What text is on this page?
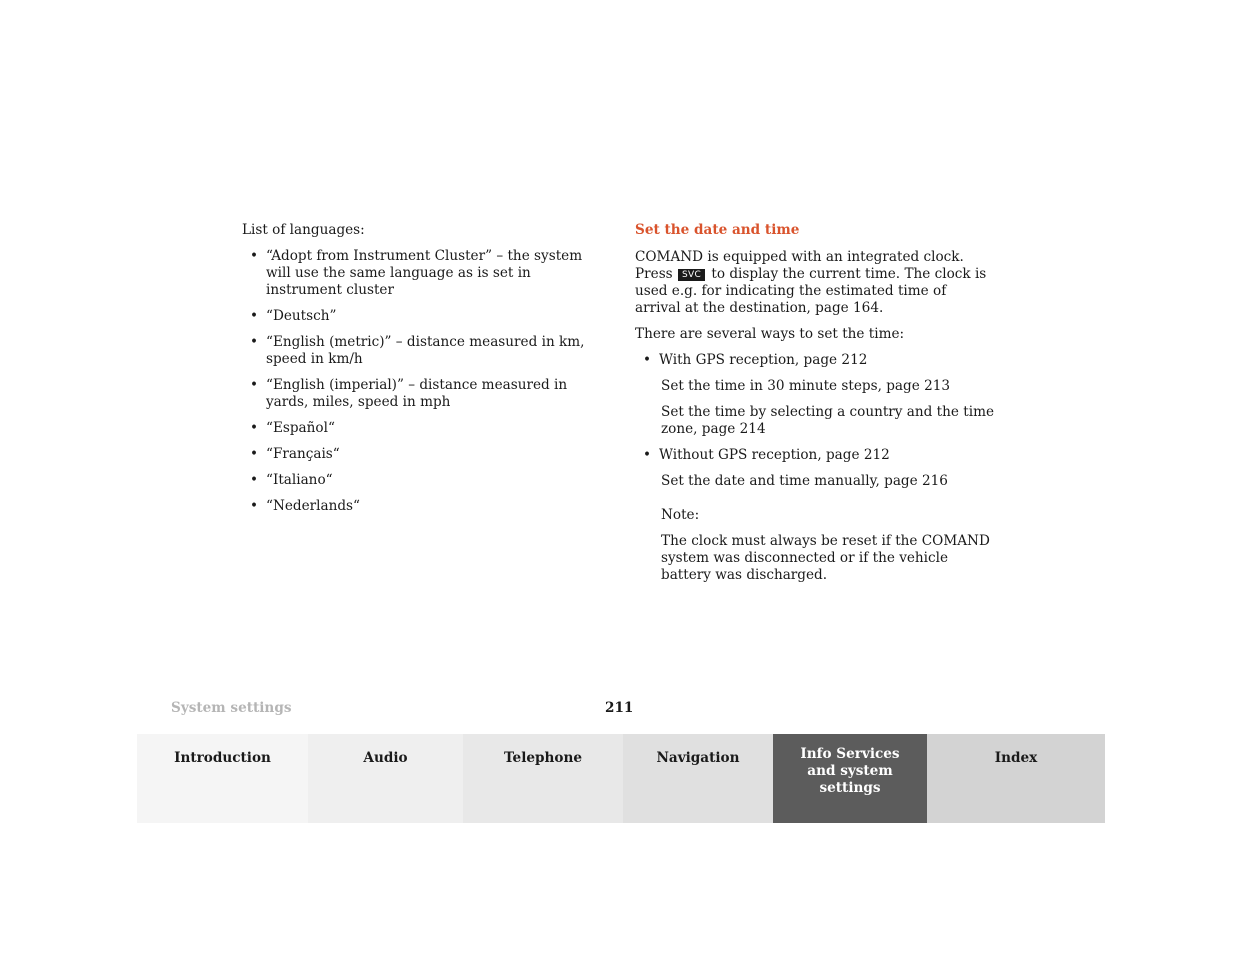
List of languages:

• “Adopt from Instrument Cluster” – the system will use the same language as is set in instrument cluster
• “Deutsch”
• “English (metric)” – distance measured in km, speed in km/h
• “English (imperial)” – distance measured in yards, miles, speed in mph
• “Español“
• “Français“
• “Italiano“
• “Nederlands“
Set the date and time

COMAND is equipped with an integrated clock. Press SVC to display the current time. The clock is used e.g. for indicating the estimated time of arrival at the destination, page 164.

There are several ways to set the time:

• With GPS reception, page 212

Set the time in 30 minute steps, page 213

Set the time by selecting a country and the time zone, page 214

• Without GPS reception, page 212

Set the date and time manually, page 216

Note:

The clock must always be reset if the COMAND system was disconnected or if the vehicle battery was discharged.

System settings	211
Introduction	Audio	Telephone	Navigation	Info Services and system settings
Index
